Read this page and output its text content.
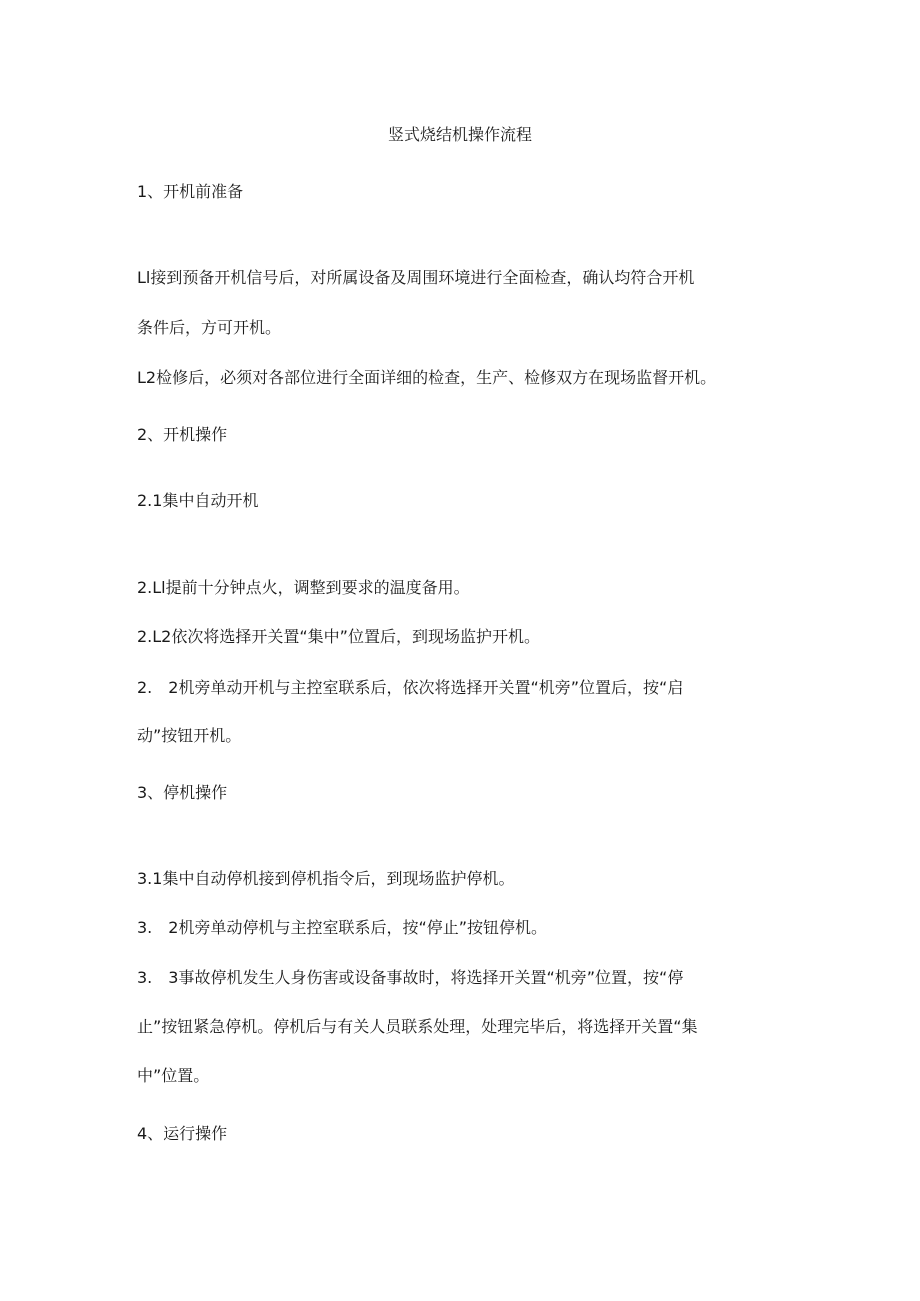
竖式烧结机操作流程
1、开机前准备
Ll接到预备开机信号后，对所属设备及周围环境进行全面检查，确认均符合开机
条件后，方可开机。
L2检修后，必须对各部位进行全面详细的检查，生产、检修双方在现场监督开机。
2、开机操作
2.1集中自动开机
2.Ll提前十分钟点火，调整到要求的温度备用。
2.L2依次将选择开关置“集中”位置后，到现场监护开机。
2.　2机旁单动开机与主控室联系后，依次将选择开关置“机旁”位置后，按“启
动”按钮开机。
3、停机操作
3.1集中自动停机接到停机指令后，到现场监护停机。
3.　2机旁单动停机与主控室联系后，按“停止”按钮停机。
3.　3事故停机发生人身伤害或设备事故时，将选择开关置“机旁”位置，按“停
止”按钮紧急停机。停机后与有关人员联系处理，处理完毕后，将选择开关置“集
中”位置。
4、运行操作
